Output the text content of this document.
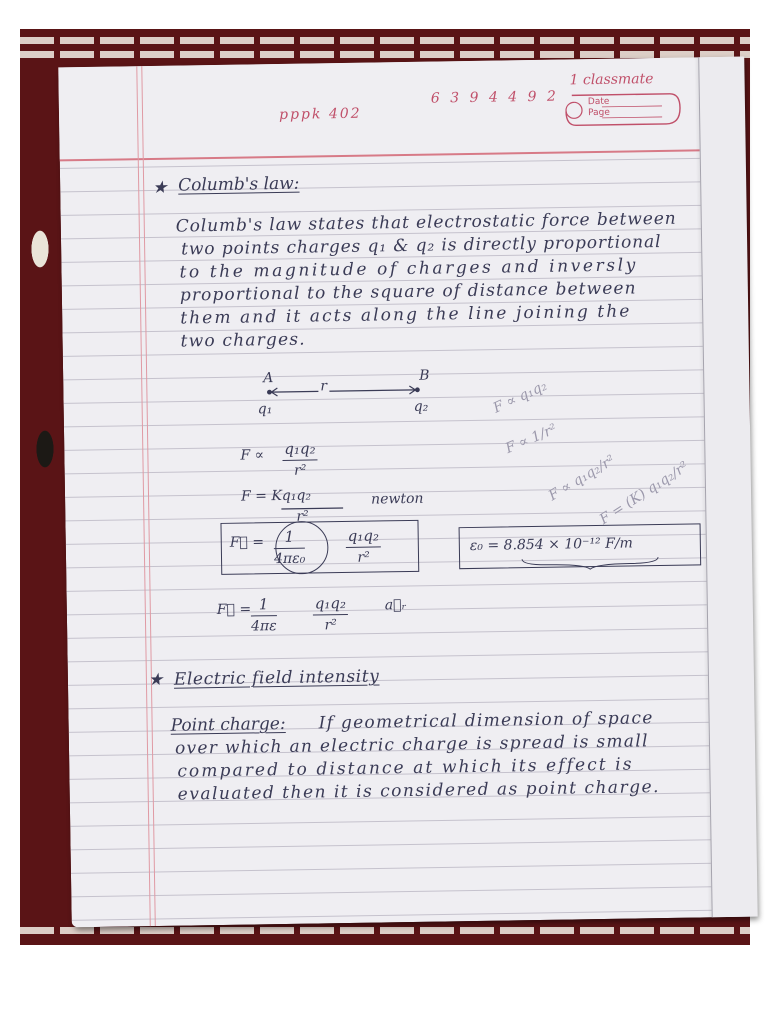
pppk 402
6 3 9 4 4 9 2
1 classmate
Date
Page
★ Columb's law:
Columb's law states that electrostatic force between
two points charges q₁ & q₂ is directly proportional
to the magnitude of charges and inversly
proportional to the square of distance between
them and it acts along the line joining the
two charges.
A	B
r
q₁	q₂
$F \propto \frac{\text{q₁q₂}}{\text{r²}}$
F = Kq₁q₂
r²
newton
F⃗ = $\frac{1}{\text{4πε₀}}$	$\frac{\text{q₁q₂}}{\text{r²}}$	ε₀ = 8.854 × 10⁻¹² F/m
F⃗ = $\frac{1}{4\pi\varepsilon} \frac{\text{q₁q₂}}{\text{r²}}$	a⃗ᵣ
F ∝ q₁q₂
F ∝ 1/r²
F ∝ q₁q₂/r²
F = (K) q₁q₂/r²
★ Electric field intensity
Point charge: If geometrical dimension of space
over which an electric charge is spread is small
compared to distance at which its effect is
evaluated then it is considered as point charge.
